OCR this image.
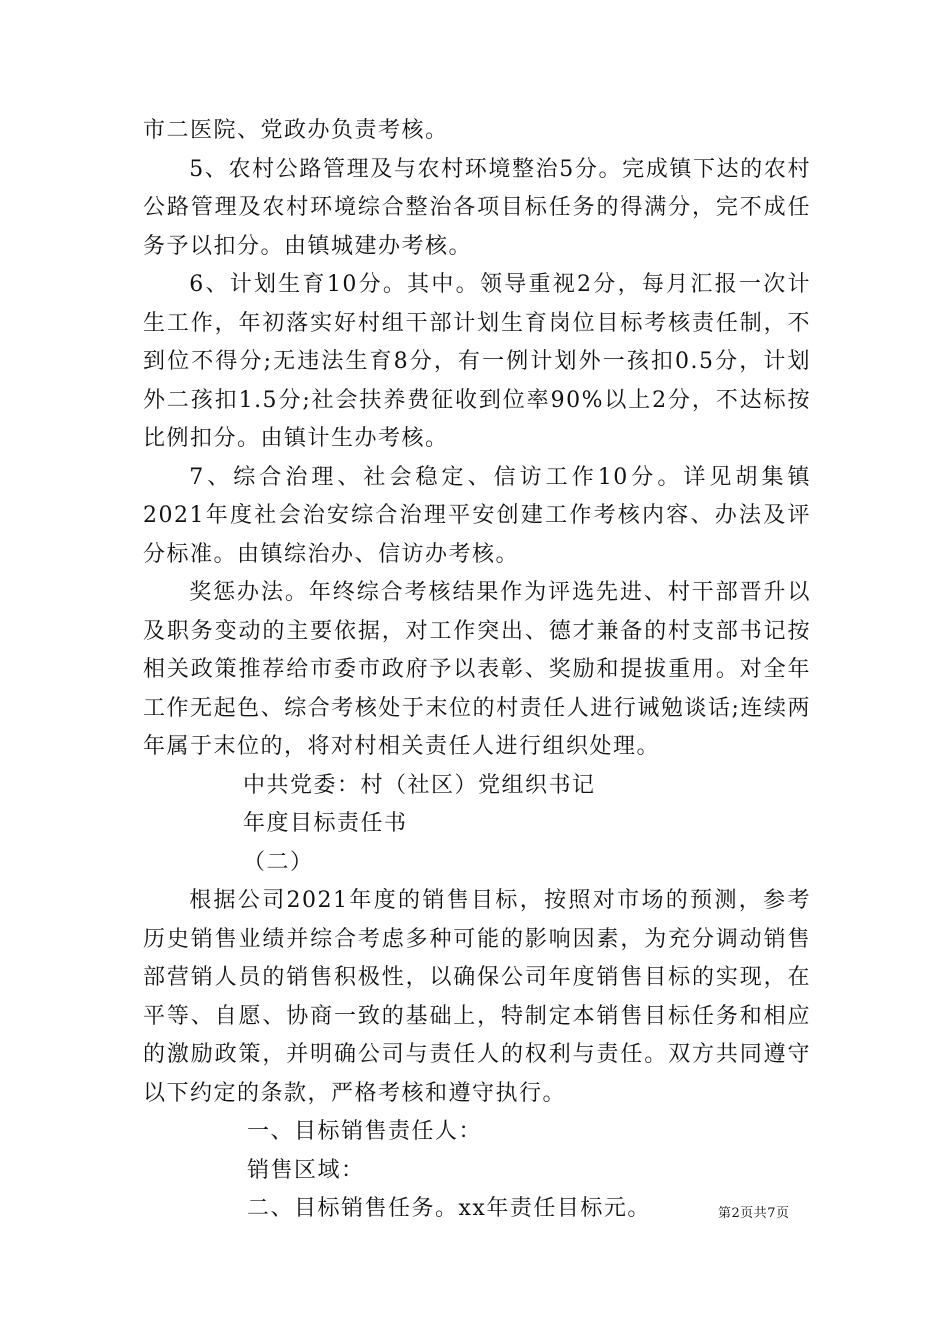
市二医院、党政办负责考核。

5、农村公路管理及与农村环境整治5分。完成镇下达的农村公路管理及农村环境综合整治各项目标任务的得满分，完不成任务予以扣分。由镇城建办考核。

6、计划生育10分。其中。领导重视2分，每月汇报一次计生工作，年初落实好村组干部计划生育岗位目标考核责任制，不到位不得分;无违法生育8分，有一例计划外一孩扣0.5分，计划外二孩扣1.5分;社会扶养费征收到位率90%以上2分，不达标按比例扣分。由镇计生办考核。

7、综合治理、社会稳定、信访工作10分。详见胡集镇2021年度社会治安综合治理平安创建工作考核内容、办法及评分标准。由镇综治办、信访办考核。

奖惩办法。年终综合考核结果作为评选先进、村干部晋升以及职务变动的主要依据，对工作突出、德才兼备的村支部书记按相关政策推荐给市委市政府予以表彰、奖励和提拔重用。对全年工作无起色、综合考核处于末位的村责任人进行诫勉谈话;连续两年属于末位的，将对村相关责任人进行组织处理。

中共党委：村（社区）党组织书记

年度目标责任书

（二）

根据公司2021年度的销售目标，按照对市场的预测，参考历史销售业绩并综合考虑多种可能的影响因素，为充分调动销售部营销人员的销售积极性，以确保公司年度销售目标的实现，在平等、自愿、协商一致的基础上，特制定本销售目标任务和相应的激励政策，并明确公司与责任人的权利与责任。双方共同遵守以下约定的条款，严格考核和遵守执行。

一、目标销售责任人：

销售区域：

二、目标销售任务。xx年责任目标元。	第2页共7页
